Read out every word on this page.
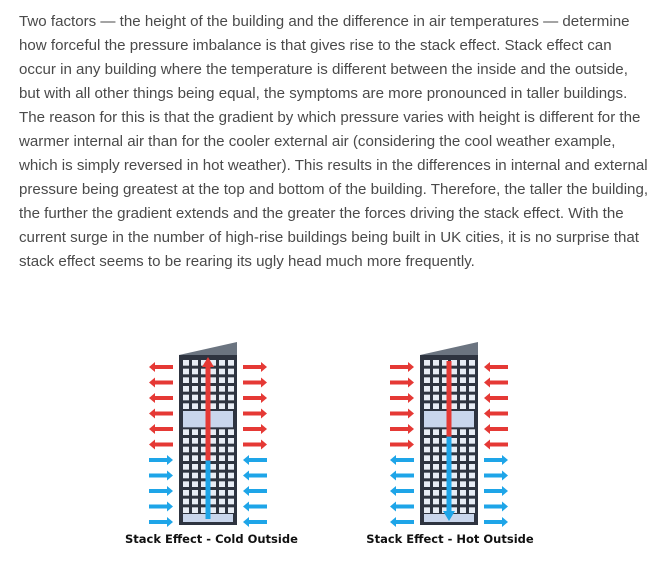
Two factors — the height of the building and the difference in air temperatures — determine how forceful the pressure imbalance is that gives rise to the stack effect. Stack effect can occur in any building where the temperature is different between the inside and the outside, but with all other things being equal, the symptoms are more pronounced in taller buildings. The reason for this is that the gradient by which pressure varies with height is different for the warmer internal air than for the cooler external air (considering the cool weather example, which is simply reversed in hot weather). This results in the differences in internal and external pressure being greatest at the top and bottom of the building. Therefore, the taller the building, the further the gradient extends and the greater the forces driving the stack effect. With the current surge in the number of high-rise buildings being built in UK cities, it is no surprise that stack effect seems to be rearing its ugly head much more frequently.

Stack Effect - Cold Outside	Stack Effect - Hot Outside
